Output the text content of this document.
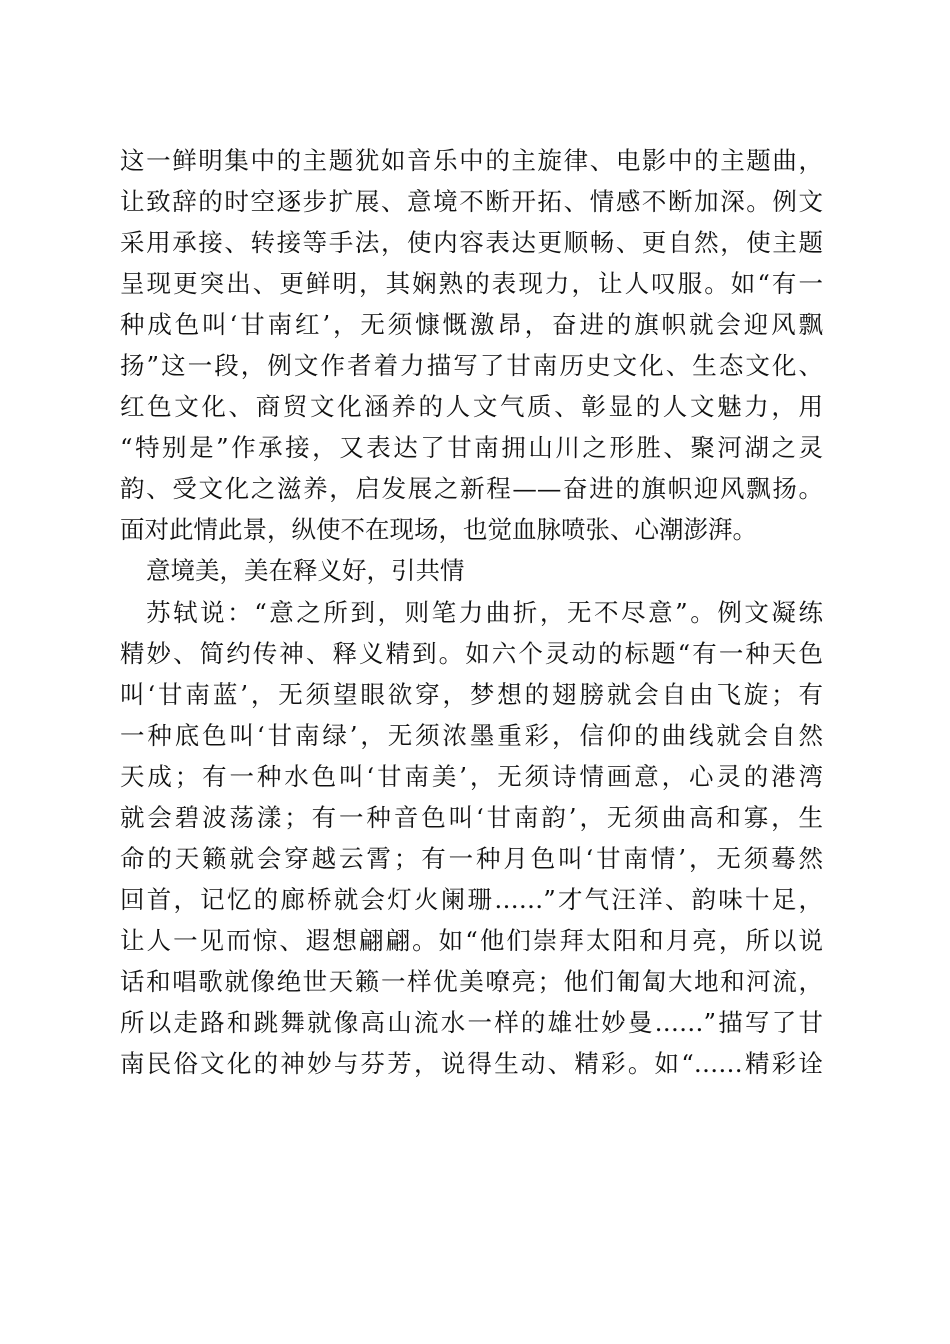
这一鲜明集中的主题犹如音乐中的主旋律、电影中的主题曲，
让致辞的时空逐步扩展、意境不断开拓、情感不断加深。例文
采用承接、转接等手法，使内容表达更顺畅、更自然，使主题
呈现更突出、更鲜明，其娴熟的表现力，让人叹服。如“有一
种成色叫‘甘南红’，无须慷慨激昂，奋进的旗帜就会迎风飘
扬”这一段，例文作者着力描写了甘南历史文化、生态文化、
红色文化、商贸文化涵养的人文气质、彰显的人文魅力，用
“特别是”作承接，又表达了甘南拥山川之形胜、聚河湖之灵
韵、受文化之滋养，启发展之新程——奋进的旗帜迎风飘扬。
面对此情此景，纵使不在现场，也觉血脉喷张、心潮澎湃。
意境美，美在释义好，引共情
苏轼说：“意之所到，则笔力曲折，无不尽意”。例文凝练
精妙、简约传神、释义精到。如六个灵动的标题“有一种天色
叫‘甘南蓝’，无须望眼欲穿，梦想的翅膀就会自由飞旋；有
一种底色叫‘甘南绿’，无须浓墨重彩，信仰的曲线就会自然
天成；有一种水色叫‘甘南美’，无须诗情画意，心灵的港湾
就会碧波荡漾；有一种音色叫‘甘南韵’，无须曲高和寡，生
命的天籁就会穿越云霄；有一种月色叫‘甘南情’，无须蓦然
回首，记忆的廊桥就会灯火阑珊……”才气汪洋、韵味十足，
让人一见而惊、遐想翩翩。如“他们崇拜太阳和月亮，所以说
话和唱歌就像绝世天籁一样优美嘹亮；他们匍匐大地和河流，
所以走路和跳舞就像高山流水一样的雄壮妙曼……”描写了甘
南民俗文化的神妙与芬芳，说得生动、精彩。如“……精彩诠
